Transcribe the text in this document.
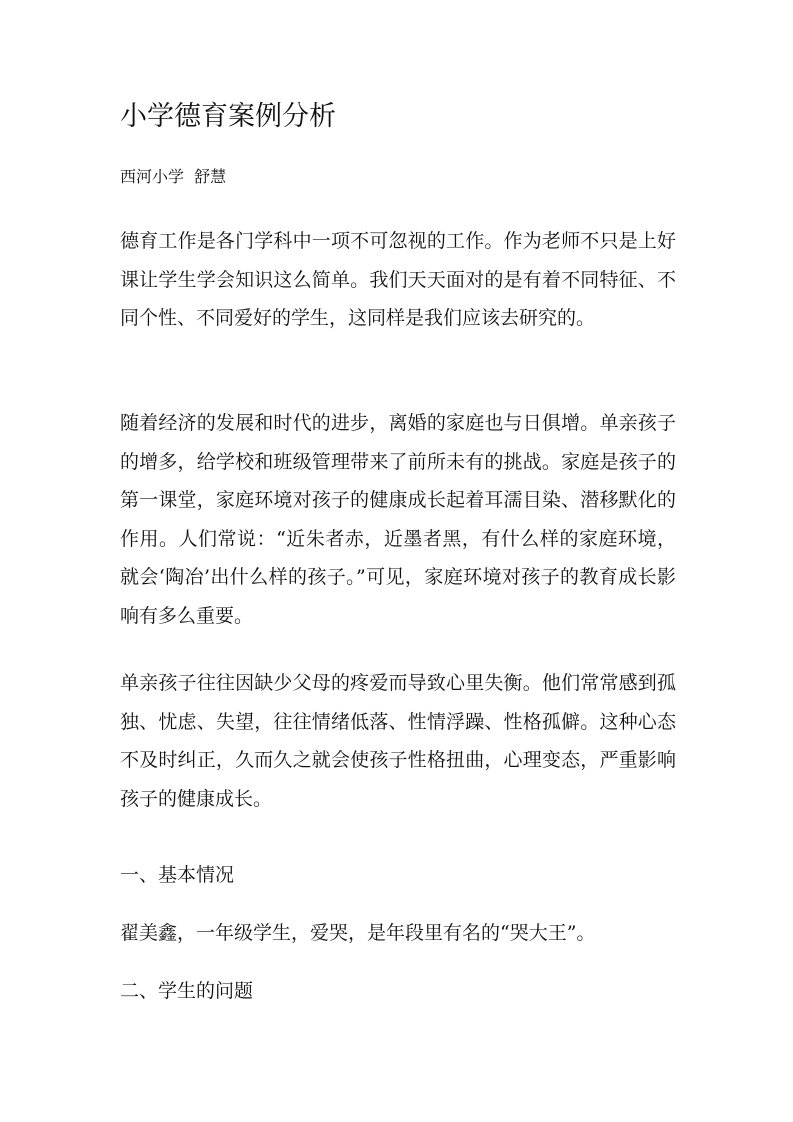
小学德育案例分析

西河小学  舒慧

德育工作是各门学科中一项不可忽视的工作。作为老师不只是上好课让学生学会知识这么简单。我们天天面对的是有着不同特征、不同个性、不同爱好的学生，这同样是我们应该去研究的。

随着经济的发展和时代的进步，离婚的家庭也与日俱增。单亲孩子的增多，给学校和班级管理带来了前所未有的挑战。家庭是孩子的第一课堂，家庭环境对孩子的健康成长起着耳濡目染、潜移默化的作用。人们常说：“近朱者赤，近墨者黑，有什么样的家庭环境，就会‘陶冶’出什么样的孩子。”可见，家庭环境对孩子的教育成长影响有多么重要。

单亲孩子往往因缺少父母的疼爱而导致心里失衡。他们常常感到孤独、忧虑、失望，往往情绪低落、性情浮躁、性格孤僻。这种心态不及时纠正，久而久之就会使孩子性格扭曲，心理变态，严重影响孩子的健康成长。

一、基本情况

翟美鑫，一年级学生，爱哭，是年段里有名的“哭大王”。

二、学生的问题
